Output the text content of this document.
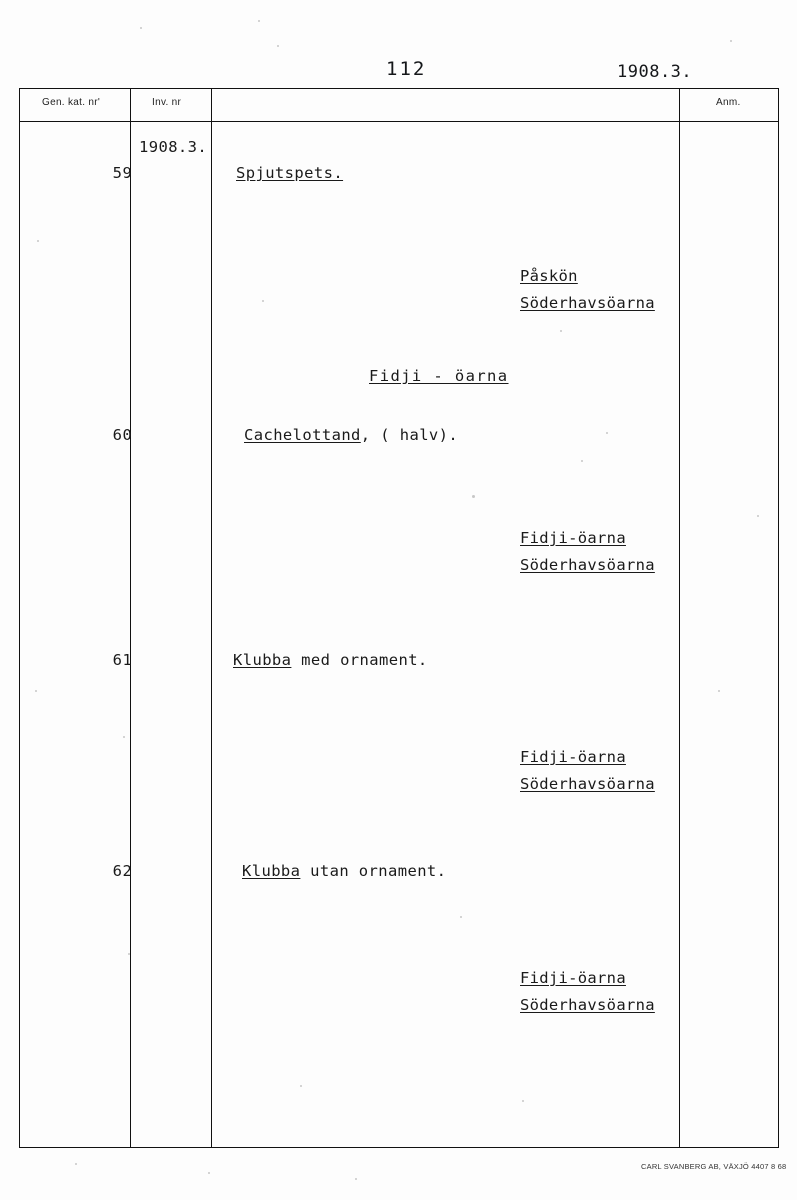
112	1908.3.
Gen. kat. nr'	Inv. nr	Anm.
1908.3.
59	Spjutspets.
Påskön
Söderhavsöarna
Fidji - öarna
60	Cachelottand, ( halv).
Fidji-öarna
Söderhavsöarna
61	Klubba med ornament.
Fidji-öarna
Söderhavsöarna
62	Klubba utan ornament.
Fidji-öarna
Söderhavsöarna
CARL SVANBERG AB, VÄXJÖ 4407 8 68
